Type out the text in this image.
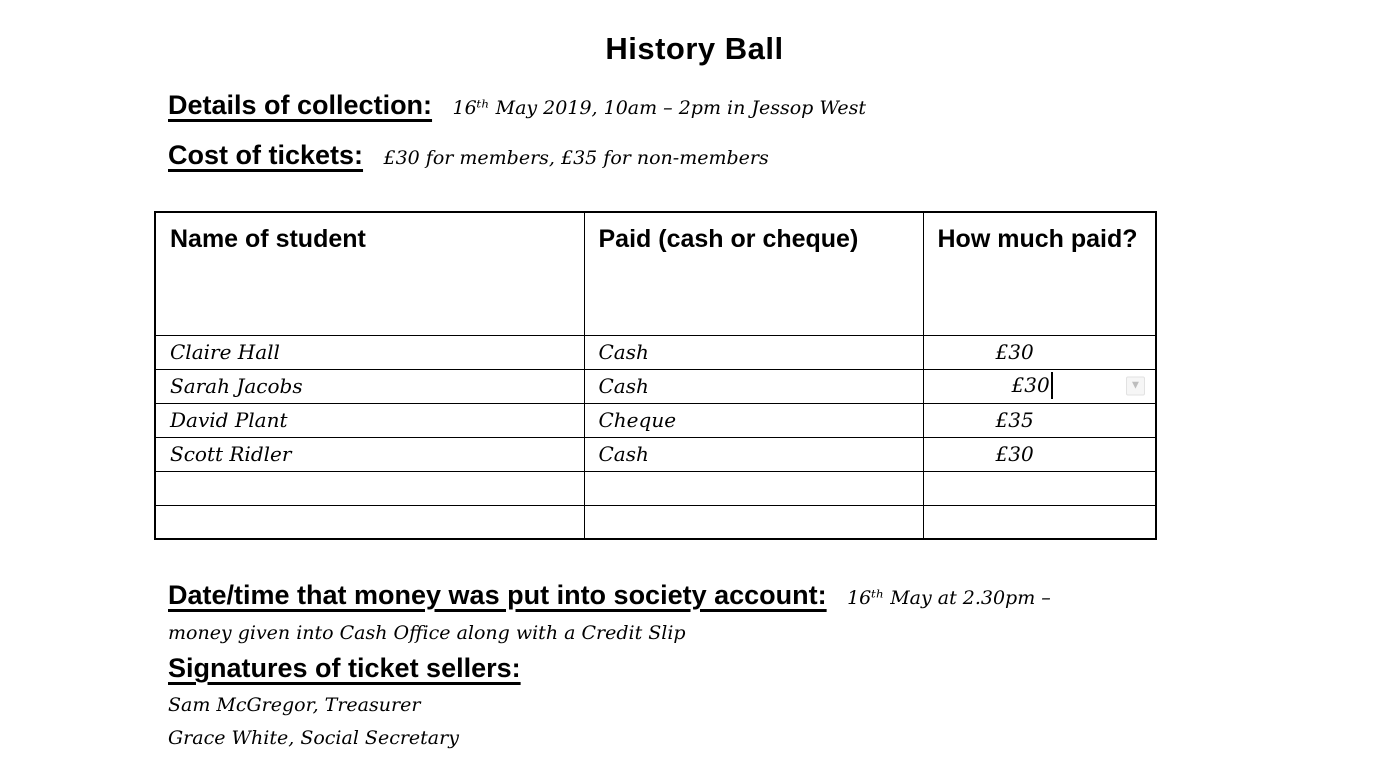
History Ball
Details of collection: 16ᵗʰ May 2019, 10am – 2pm in Jessop West
Cost of tickets: £30 for members, £35 for non-members
Name of student	Paid (cash or cheque)	How much paid?
Claire Hall	Cash	£30
Sarah Jacobs	Cash	£30 ▼

David Plant	Cheque	£35
Scott Ridler	Cash	£30

Date/time that money was put into society account: 16ᵗʰ May at 2.30pm –
money given into Cash Office along with a Credit Slip
Signatures of ticket sellers:
Sam McGregor, Treasurer
Grace White, Social Secretary
